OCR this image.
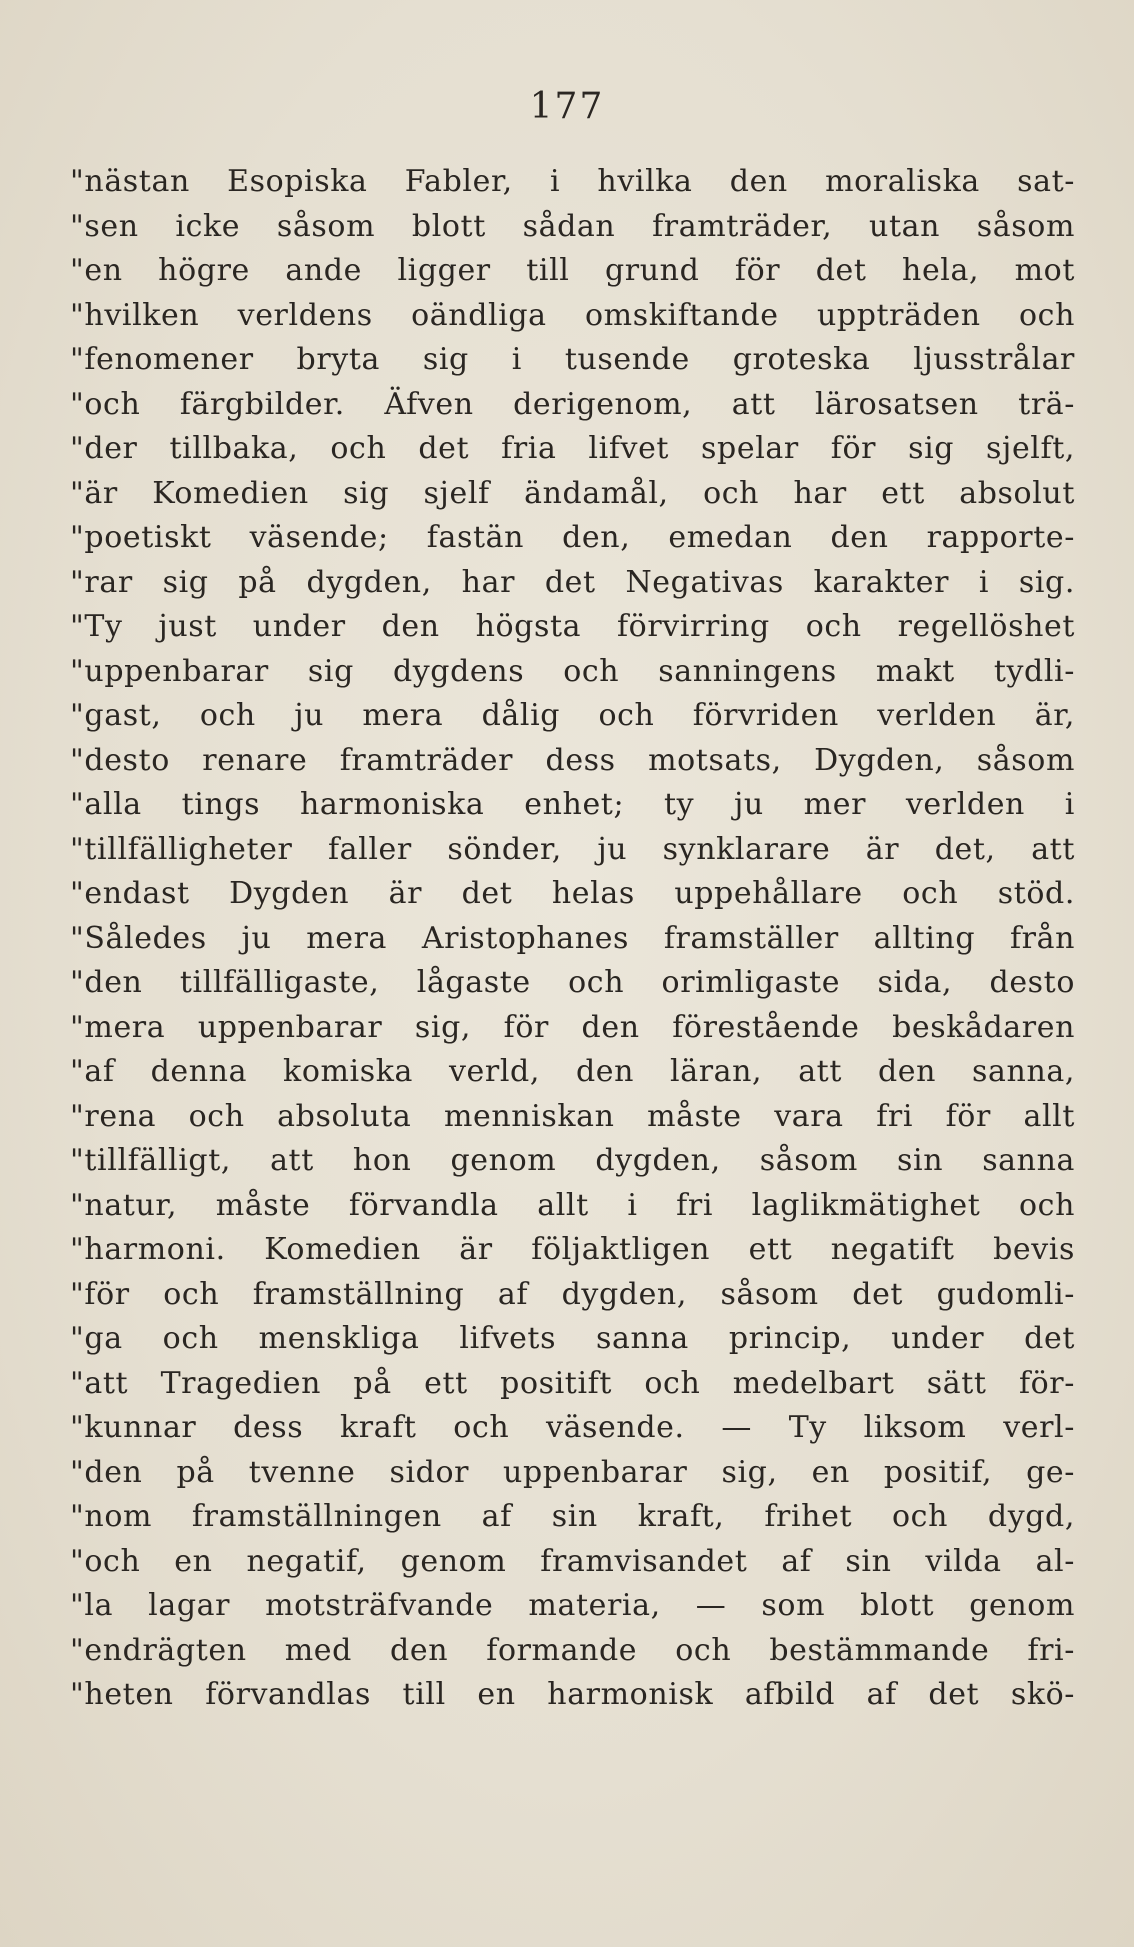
177
"nästan Esopiska Fabler, i hvilka den moraliska sat-
"sen icke såsom blott sådan framträder, utan såsom
"en högre ande ligger till grund för det hela, mot
"hvilken verldens oändliga omskiftande uppträden och
"fenomener bryta sig i tusende groteska ljusstrålar
"och färgbilder. Äfven derigenom, att lärosatsen trä-
"der tillbaka, och det fria lifvet spelar för sig sjelft,
"är Komedien sig sjelf ändamål, och har ett absolut
"poetiskt väsende; fastän den, emedan den rapporte-
"rar sig på dygden, har det Negativas karakter i sig.
"Ty just under den högsta förvirring och regellöshet
"uppenbarar sig dygdens och sanningens makt tydli-
"gast, och ju mera dålig och förvriden verlden är,
"desto renare framträder dess motsats, Dygden, såsom
"alla tings harmoniska enhet; ty ju mer verlden i
"tillfälligheter faller sönder, ju synklarare är det, att
"endast Dygden är det helas uppehållare och stöd.
"Således ju mera Aristophanes framställer allting från
"den tillfälligaste, lågaste och orimligaste sida, desto
"mera uppenbarar sig, för den förestående beskådaren
"af denna komiska verld, den läran, att den sanna,
"rena och absoluta menniskan måste vara fri för allt
"tillfälligt, att hon genom dygden, såsom sin sanna
"natur, måste förvandla allt i fri laglikmätighet och
"harmoni. Komedien är följaktligen ett negatift bevis
"för och framställning af dygden, såsom det gudomli-
"ga och menskliga lifvets sanna princip, under det
"att Tragedien på ett positift och medelbart sätt för-
"kunnar dess kraft och väsende. — Ty liksom verl-
"den på tvenne sidor uppenbarar sig, en positif, ge-
"nom framställningen af sin kraft, frihet och dygd,
"och en negatif, genom framvisandet af sin vilda al-
"la lagar motsträfvande materia, — som blott genom
"endrägten med den formande och bestämmande fri-
"heten förvandlas till en harmonisk afbild af det skö-
